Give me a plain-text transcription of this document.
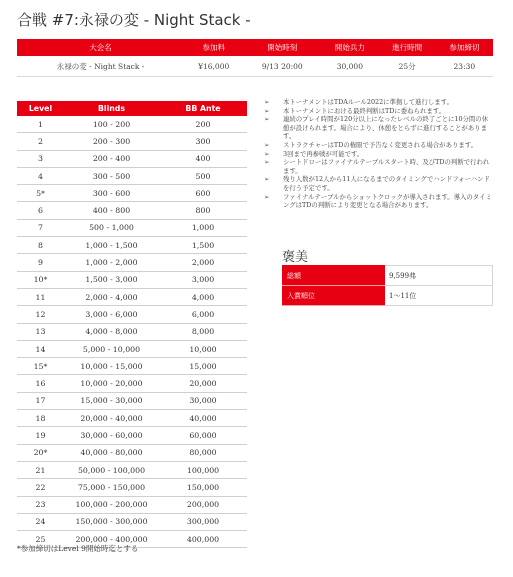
合戦 #7:永禄の変 - Night Stack -
大会名	参加料	開始時刻	開始兵力	進行時間	参加締切
永禄の変 - Night Stack -	¥16,000	9/13 20:00	30,000	25分	23:30
Level	Blinds	BB Ante
1	100 - 200	200
2	200 - 300	300
3	200 - 400	400
4	300 - 500	500
5*	300 - 600	600
6	400 - 800	800
7	500 - 1,000	1,000
8	1,000 - 1,500	1,500
9	1,000 - 2,000	2,000
10*	1,500 - 3,000	3,000
11	2,000 - 4,000	4,000
12	3,000 - 6,000	6,000
13	4,000 - 8,000	8,000
14	5,000 - 10,000	10,000
15*	10,000 - 15,000	15,000
16	10,000 - 20,000	20,000
17	15,000 - 30,000	30,000
18	20,000 - 40,000	40,000
19	30,000 - 60,000	60,000
20*	40,000 - 80,000	80,000
21	50,000 - 100,000	100,000
22	75,000 - 150,000	150,000
23	100,000 - 200,000	200,000
24	150,000 - 300,000	300,000
25	200,000 - 400,000	400,000
*参加締切はLevel 9開始時迄とする
➢ 本トーナメントはTDAルール2022に準拠して進行します。
➢ 本トーナメントにおける最終判断はTDに委ねられます。
➢ 連続のプレイ時間が120分以上になったレベルの終了ごとに10分間の休憩が設けられます。場合により、休憩をとらずに進行することがあります。
➢ ストラクチャーはTDの権限で予告なく変更される場合があります。
➢ 3回まで再参戦が可能です。
➢ シートドローはファイナルテーブルスタート時、及びTDの判断で行われます。
➢ 残り人数が12人から11人になるまでのタイミングでハンドフォーハンドを行う予定です。
➢ ファイナルテーブルからショットクロックが導入されます。導入のタイミングはTDの判断により変更となる場合があります。
褒美
総額	9,599弗
入賞順位	1～11位
